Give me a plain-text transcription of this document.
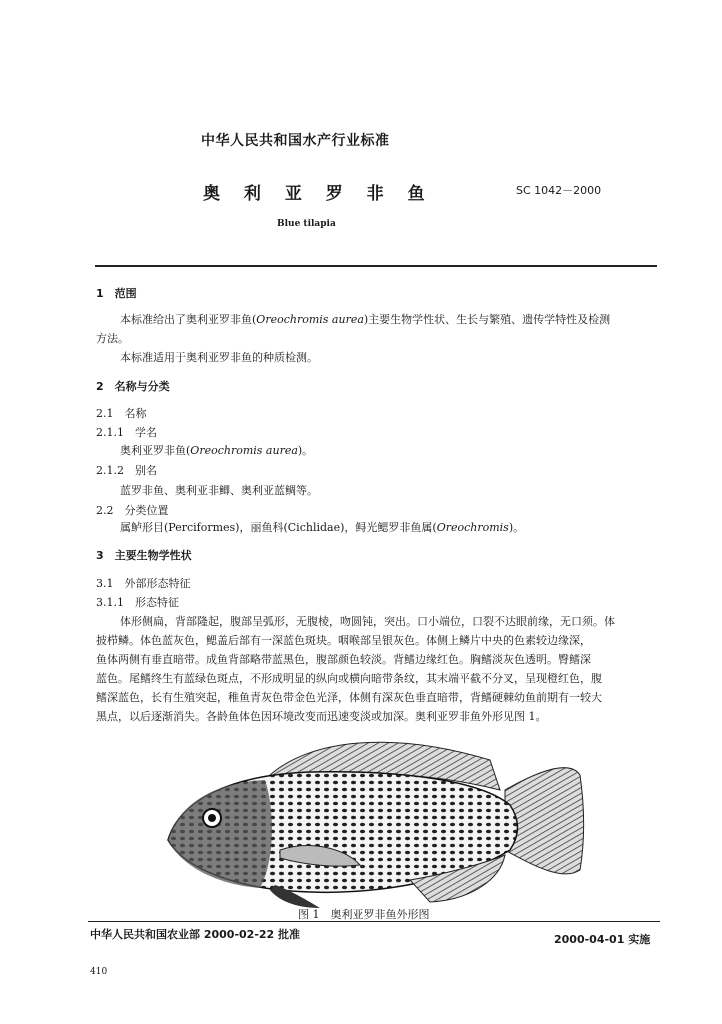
中华人民共和国水产行业标准
奥 利 亚 罗 非 鱼	SC 1042－2000
Blue tilapia
1　范围
本标准给出了奥利亚罗非鱼(Oreochromis aurea)主要生物学性状、生长与繁殖、遗传学特性及检测
方法。
本标准适用于奥利亚罗非鱼的种质检测。
2　名称与分类
2.1　名称
2.1.1　学名
奥利亚罗非鱼(Oreochromis aurea)。
2.1.2　别名
蓝罗非鱼、奥利亚非鲫、奥利亚蓝鲷等。
2.2　分类位置
属鲈形目(Perciformes)，丽鱼科(Cichlidae)，鲟光鳃罗非鱼属(Oreochromis)。
3　主要生物学性状
3.1　外部形态特征
3.1.1　形态特征
体形侧扁，背部隆起，腹部呈弧形，无腹棱，吻圆钝，突出。口小端位，口裂不达眼前缘，无口须。体
披栉鳞。体色蓝灰色，鳃盖后部有一深蓝色斑块。咽喉部呈银灰色。体侧上鳞片中央的色素较边缘深，
鱼体两侧有垂直暗带。成鱼背部略带蓝黑色，腹部颜色较淡。背鳍边缘红色。胸鳍淡灰色透明。臀鳍深
蓝色。尾鳍终生有蓝绿色斑点，不形成明显的纵向或横向暗带条纹，其末端平截不分叉，呈现橙红色，腹
鳍深蓝色，长有生殖突起，稚鱼青灰色带金色光泽，体侧有深灰色垂直暗带，背鳍硬棘幼鱼前期有一较大
黑点，以后逐渐消失。各龄鱼体色因环境改变而迅速变淡或加深。奥利亚罗非鱼外形见图 1。
图 1　奥利亚罗非鱼外形图
中华人民共和国农业部 2000-02-22 批准	2000-04-01 实施
410
